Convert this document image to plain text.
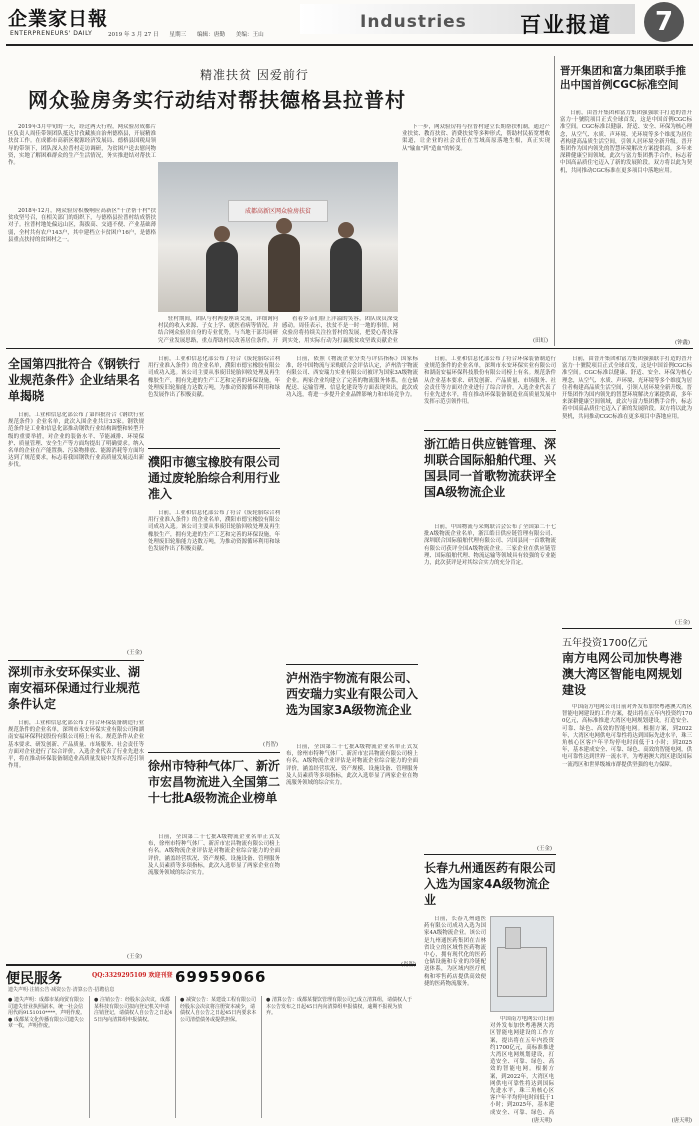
企業家日報
ENTERPRENEURS' DAILY	2019 年 3 月 27 日 星期三 编辑：唐勤 美编：王山
Industries	百业报道	7
精准扶贫 因爱前行
网众验房务实行动结对帮扶德格县拉普村
2019年3月中旬的一天，经过两天行程，网众验房成都片区负责人周佳带领团队抵达甘孜藏族自治州德格县，开展精准扶贫工作。在成都市高新区税源经济发展局、德格县国税局领导的带领下，团队深入拉普村走访调研，为贫困户送去慰问物资，实地了解困难群众的生产生活情况，务实推进结对帮扶工作。
2018年12月，网众验房积极响应高新区"千企帮千村"扶贫攻坚号召，在相关部门的组织下，与德格县拉普村结成帮扶对子。拉普村地处偏远山区，海拔高、交通不便、产业基础薄弱，全村共有农户143户，其中建档立卡贫困户16户，是德格县重点扶持的贫困村之一。
成都高新区网众验房扶贫
驻村期间，团队与村两委座谈交流，详细询问村民的收入来源、子女上学、就医看病等情况，并结合网众验房自身的专业优势，与当地干部共同研究产业发展思路，重点帮助村民改善居住条件，开
看着乡亲们脸上洋溢的笑容，团队成员深受感动。周佳表示，扶贫不是一时一地的事情，网众验房将持续关注拉普村的发展，把爱心帮扶落到实处，用实际行动为打赢脱贫攻坚战贡献企业
下一步，网众验房将与拉普村建立长期帮扶机制，通过产业扶贫、教育扶贫、消费扶贫等多种形式，帮助村民拓宽增收渠道，让企业的社会责任在雪域高原落地生根，真正实现从"输血"到"造血"的转变。
(田虹)
晋开集团和富力集团联手推出中国首例CGC标准空间
日前，由晋开集团和富力集团强强联手打造的晋开富力·十號院项目正式全球首发，这是中国首例CGC标准空间。CGC标准以健康、舒适、安全、环保为核心理念，从空气、水质、声环境、光环境等多个维度为居住者构建高品质生活空间，引领人居环境全新升级。晋开集团作为国内领先的智慧环境解决方案提供商，多年来深耕健康空间领域，此次与富力集团携手合作，标志着中国高品质住宅迈入了新的发展阶段。双方将以此为契机，共同推动CGC标准在更多项目中落地应用。
(钟鑫)
全国第四批符合《钢铁行业规范条件》企业结果名单揭晓
日前，工业和信息化部公布了第四批符合《钢铁行业规范条件》企业名单，此次入围企业共计33家。钢铁规范条件是工业和信息化部推动钢铁行业结构调整和转型升级的重要举措，对企业的装备水平、节能减排、环境保护、质量管理、安全生产等方面均提出了明确要求。纳入名单的企业在产能置换、污染物排放、能源消耗等方面均达到了规范要求，标志着我国钢铁行业高质量发展迈出新步伐。
(王金)
深圳市永安环保实业、湖南安福环保通过行业规范条件认定
日前，工业和信息化部公布了符合环保装备制造行业规范条件的企业名单，深圳市永安环保实业有限公司和湖南安福环保科技股份有限公司榜上有名。规范条件从企业基本要求、研发创新、产品质量、市场服务、社会责任等方面对企业进行了综合评价，入选企业代表了行业先进水平，将在推动环保装备制造业高质量发展中发挥示范引领作用。
(王金)
日前，工业和信息化部公布了符合《废轮胎综合利用行业准入条件》的企业名单，濮阳市德宝橡胶有限公司成功入选。该公司主要从事废旧轮胎回收处理及再生橡胶生产，拥有先进的生产工艺和完善的环保设施，年处理废旧轮胎能力达数万吨，为推动资源循环利用和绿色发展作出了积极贡献。
濮阳市德宝橡胶有限公司通过废轮胎综合利用行业准入
日前，工业和信息化部公布了符合《废轮胎综合利用行业准入条件》的企业名单，濮阳市德宝橡胶有限公司成功入选。该公司主要从事废旧轮胎回收处理及再生橡胶生产，拥有先进的生产工艺和完善的环保设施，年处理废旧轮胎能力达数万吨，为推动资源循环利用和绿色发展作出了积极贡献。
(肖智)
徐州市特种气体厂、新沂市宏昌物流进入全国第二十七批A级物流企业榜单
日前，全国第二十七批A级物流企业名单正式发布，徐州市特种气体厂、新沂市宏昌物流有限公司榜上有名。A级物流企业评估是对物流企业综合能力的全面评价，涵盖经营状况、资产规模、设施设备、管理服务及人员素质等多项指标，此次入选彰显了两家企业在物流服务领域的综合实力。
日前，依照《物流企业分类与评估指标》国家标准，经中国物流与采购联合会评估认定，泸州浩宇物流有限公司、西安瑞力实业有限公司被评为国家3A级物流企业。两家企业均建立了完善的物流服务体系，在仓储配送、运输管理、信息化建设等方面表现突出，此次成功入选，将进一步提升企业品牌影响力和市场竞争力。
泸州浩宇物流有限公司、西安瑞力实业有限公司入选为国家3A级物流企业
日前，全国第二十七批A级物流企业名单正式发布，徐州市特种气体厂、新沂市宏昌物流有限公司榜上有名。A级物流企业评估是对物流企业综合能力的全面评价，涵盖经营状况、资产规模、设施设备、管理服务及人员素质等多项指标，此次入选彰显了两家企业在物流服务领域的综合实力。
日前，工业和信息化部公布了符合环保装备制造行业规范条件的企业名单，深圳市永安环保实业有限公司和湖南安福环保科技股份有限公司榜上有名。规范条件从企业基本要求、研发创新、产品质量、市场服务、社会责任等方面对企业进行了综合评价，入选企业代表了行业先进水平，将在推动环保装备制造业高质量发展中发挥示范引领作用。
浙江皓日供应链管理、深圳联合国际船舶代理、兴国县同一首歌物流获评全国A级物流企业
日前，中国物流与采购联合会公布了全国第二十七批A级物流企业名单，浙江皓日供应链管理有限公司、深圳联合国际船舶代理有限公司、兴国县同一首歌物流有限公司获评全国A级物流企业。三家企业在供应链管理、国际船舶代理、物流运输等领域具有较强的专业能力，此次获评是对其综合实力的充分肯定。
(王金)
长春九州通医药有限公司入选为国家4A级物流企业
日前，长春九州通医药有限公司成功入选为国家4A级物流企业。该公司是九州通医药集团在吉林省设立的区域性医药物流中心，拥有现代化的医药仓储设施和专业的冷链配送体系，为区域内医疗机构和零售药店提供高效便捷的医药物流服务。
中国南方电网公司日前对外发布加快粤港澳大湾区智能电网建设的工作方案，提出将在五年内投资约1700亿元，高标准推进大湾区电网规划建设，打造安全、可靠、绿色、高效的智能电网。根据方案，到2022年，大湾区电网供电可靠性将达到国际先进水平，珠三角核心区客户年平均停电时间低于1小时；到2025年，基本建成安全、可靠、绿色、高
(唐天明)
日前，由晋开集团和富力集团强强联手打造的晋开富力·十號院项目正式全球首发，这是中国首例CGC标准空间。CGC标准以健康、舒适、安全、环保为核心理念，从空气、水质、声环境、光环境等多个维度为居住者构建高品质生活空间，引领人居环境全新升级。晋开集团作为国内领先的智慧环境解决方案提供商，多年来深耕健康空间领域，此次与富力集团携手合作，标志着中国高品质住宅迈入了新的发展阶段。双方将以此为契机，共同推动CGC标准在更多项目中落地应用。
(王金)
五年投资1700亿元
南方电网公司加快粤港澳大湾区智能电网规划建设
中国南方电网公司日前对外发布加快粤港澳大湾区智能电网建设的工作方案，提出将在五年内投资约1700亿元，高标准推进大湾区电网规划建设，打造安全、可靠、绿色、高效的智能电网。根据方案，到2022年，大湾区电网供电可靠性将达到国际先进水平，珠三角核心区客户年平均停电时间低于1小时；到2025年，基本建成安全、可靠、绿色、高效的智能电网，供电可靠性达到世界一流水平，为粤港澳大湾区建设国际一流湾区和世界级城市群提供坚强的电力保障。
(唐天明)
便民服务	QQ:3329295109 欢迎刊登 69959066
遗失声明·注销公告·减资公告·清算公告·招聘信息
● 遗失声明：成都市某商贸有限公司遗失营业执照副本，统一社会信用代码9151010****，声明作废。● 成都某文化传播有限公司遗失公章一枚，声明作废。
● 注销公告：经股东会决议，成都某科技有限公司拟向登记机关申请注销登记，请债权人自公告之日起45日内向清算组申报债权。
● 减资公告：某建设工程有限公司经股东会决议将注册资本减少，请债权人自公告之日起45日内要求本公司清偿债务或提供担保。
● 清算公告：成都某餐饮管理有限公司已成立清算组，请债权人于本公告发布之日起45日内向清算组申报债权，逾期不报视为放弃。
